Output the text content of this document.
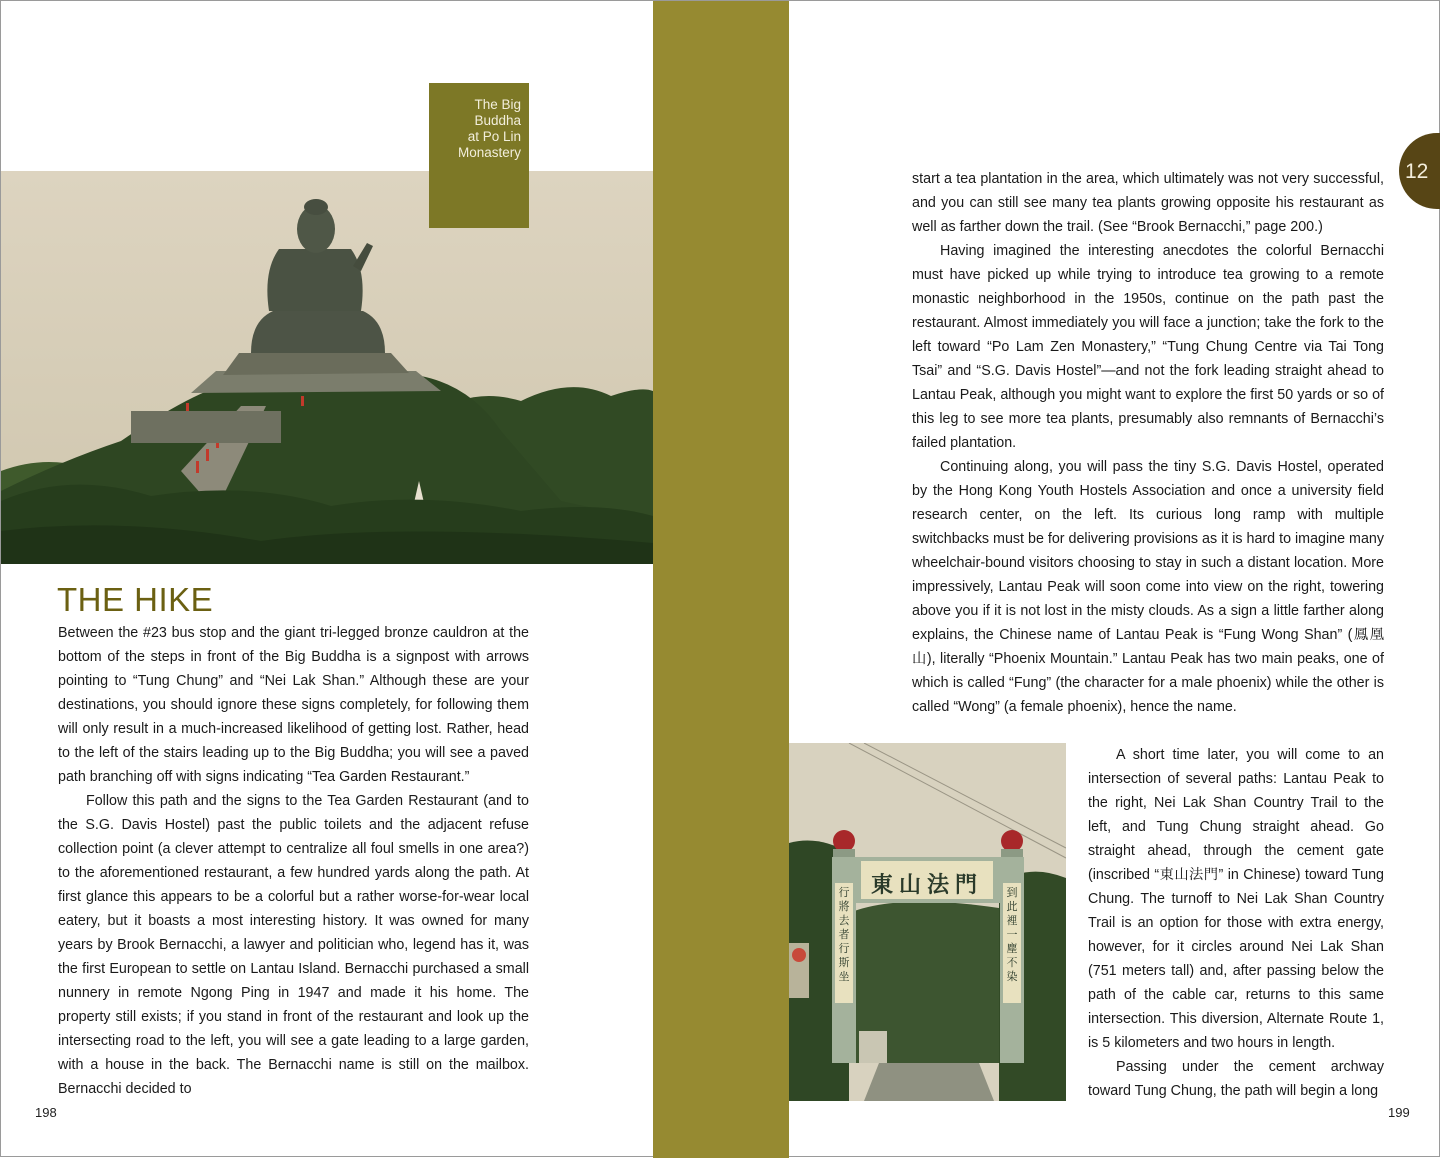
The Big
Buddha
at Po Lin
Monastery
THE HIKE

Between the #23 bus stop and the giant tri-legged bronze cauldron at the bottom of the steps in front of the Big Buddha is a signpost with arrows pointing to “Tung Chung” and “Nei Lak Shan.” Although these are your destinations, you should ignore these signs completely, for following them will only result in a much-increased likelihood of getting lost. Rather, head to the left of the stairs leading up to the Big Buddha; you will see a paved path branching off with signs indicating “Tea Garden Restaurant.”

Follow this path and the signs to the Tea Garden Restaurant (and to the S.G. Davis Hostel) past the public toilets and the adjacent refuse collection point (a clever attempt to centralize all foul smells in one area?) to the aforementioned restaurant, a few hundred yards along the path. At first glance this appears to be a colorful but a rather worse-for-wear local eatery, but it boasts a most interesting history. It was owned for many years by Brook Bernacchi, a lawyer and politician who, legend has it, was the first European to settle on Lantau Island. Bernacchi purchased a small nunnery in remote Ngong Ping in 1947 and made it his home. The property still exists; if you stand in front of the restaurant and look up the intersecting road to the left, you will see a gate leading to a large garden, with a house in the back. The Bernacchi name is still on the mailbox. Bernacchi decided to

start a tea plantation in the area, which ultimately was not very successful, and you can still see many tea plants growing opposite his restaurant as well as farther down the trail. (See “Brook Bernacchi,” page 200.)

Having imagined the interesting anecdotes the colorful Bernacchi must have picked up while trying to introduce tea growing to a remote monastic neighborhood in the 1950s, continue on the path past the restaurant. Almost immediately you will face a junction; take the fork to the left toward “Po Lam Zen Monastery,” “Tung Chung Centre via Tai Tong Tsai” and “S.G. Davis Hostel”—and not the fork leading straight ahead to Lantau Peak, although you might want to explore the first 50 yards or so of this leg to see more tea plants, presumably also remnants of Bernacchi’s failed plantation.

Continuing along, you will pass the tiny S.G. Davis Hostel, operated by the Hong Kong Youth Hostels Association and once a university field research center, on the left. Its curious long ramp with multiple switchbacks must be for delivering provisions as it is hard to imagine many wheelchair-bound visitors choosing to stay in such a distant location. More impressively, Lantau Peak will soon come into view on the right, towering above you if it is not lost in the misty clouds. As a sign a little farther along explains, the Chinese name of Lantau Peak is “Fung Wong Shan” (鳳凰山), literally “Phoenix Mountain.” Lantau Peak has two main peaks, one of which is called “Fung” (the character for a male phoenix) while the other is called “Wong” (a female phoenix), hence the name.

東山法門
行將去者行斯坐
到此裡一塵不染

A short time later, you will come to an intersection of several paths: Lantau Peak to the right, Nei Lak Shan Country Trail to the left, and Tung Chung straight ahead. Go straight ahead, through the cement gate (inscribed “東山法門” in Chinese) toward Tung Chung. The turnoff to Nei Lak Shan Country Trail is an option for those with extra energy, however, for it circles around Nei Lak Shan (751 meters tall) and, after passing below the path of the cable car, returns to this same intersection. This diversion, Alternate Route 1, is 5 kilometers and two hours in length.

Passing under the cement archway toward Tung Chung, the path will begin a long

198	199
12
